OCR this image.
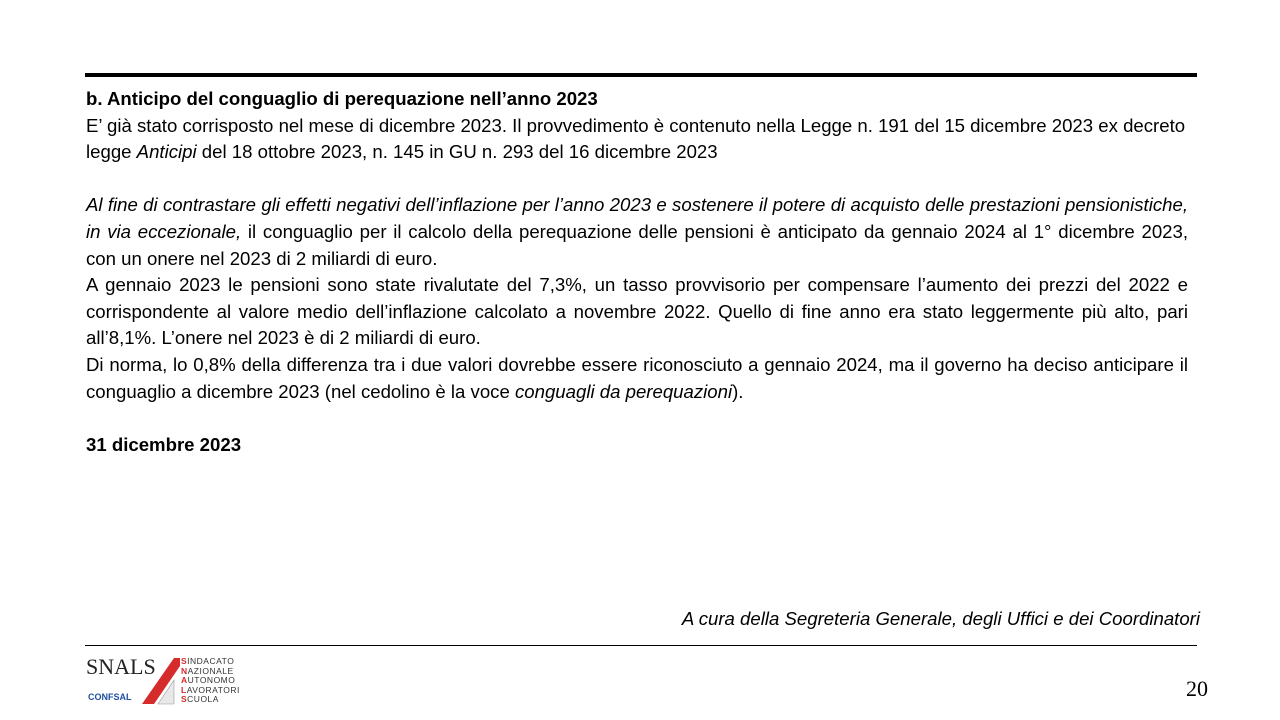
b. Anticipo del conguaglio di perequazione nell’anno 2023

E’ già stato corrisposto nel mese di dicembre 2023. Il provvedimento è contenuto nella Legge n. 191 del 15 dicembre 2023 ex decreto legge Anticipi del 18 ottobre 2023, n. 145 in GU n. 293 del 16 dicembre 2023

Al fine di contrastare gli effetti negativi dell’inflazione per l’anno 2023 e sostenere il potere di acquisto delle prestazioni pensionistiche, in via eccezionale, il conguaglio per il calcolo della perequazione delle pensioni è anticipato da gennaio 2024 al 1° dicembre 2023, con un onere nel 2023 di 2 miliardi di euro.

A gennaio 2023 le pensioni sono state rivalutate del 7,3%, un tasso provvisorio per compensare l’aumento dei prezzi del 2022 e corrispondente al valore medio dell’inflazione calcolato a novembre 2022. Quello di fine anno era stato leggermente più alto, pari all’8,1%. L’onere nel 2023 è di 2 miliardi di euro.

Di norma, lo 0,8% della differenza tra i due valori dovrebbe essere riconosciuto a gennaio 2024, ma il governo ha deciso anticipare il conguaglio a dicembre 2023 (nel cedolino è la voce conguagli da perequazioni).

31 dicembre 2023

A cura della Segreteria Generale, degli Uffici e dei Coordinatori
SNALS
CONFSAL
SINDACATO
NAZIONALE
AUTONOMO
LAVORATORI
SCUOLA	20
